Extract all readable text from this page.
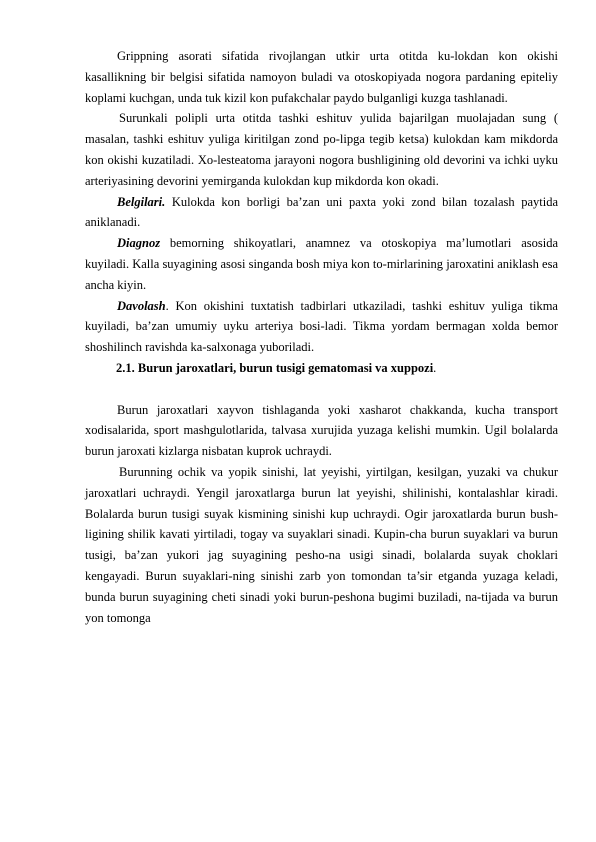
Grippning asorati sifatida rivojlangan utkir urta otitda ku-lokdan kon okishi kasallikning bir belgisi sifatida namoyon buladi va otoskopiyada nogora pardaning epiteliy koplami kuchgan, unda tuk kizil kon pufakchalar paydo bulganligi kuzga tashlanadi.

Surunkali polipli urta otitda tashki eshituv yulida bajarilgan muolajadan sung ( masalan, tashki eshituv yuliga kiritilgan zond po-lipga tegib ketsa) kulokdan kam mikdorda kon okishi kuzatiladi. Xo-lesteatoma jarayoni nogora bushligining old devorini va ichki uyku arteriyasining devorini yemirganda kulokdan kup mikdorda kon okadi.

Belgilari. Kulokda kon borligi ba’zan uni paxta yoki zond bilan tozalash paytida aniklanadi.

Diagnoz bemorning shikoyatlari, anamnez va otoskopiya ma’lumotlari asosida kuyiladi. Kalla suyagining asosi singanda bosh miya kon to-mirlarining jaroxatini aniklash esa ancha kiyin.

Davolash. Kon okishini tuxtatish tadbirlari utkaziladi, tashki eshituv yuliga tikma kuyiladi, ba’zan umumiy uyku arteriya bosi-ladi. Tikma yordam bermagan xolda bemor shoshilinch ravishda ka-salxonaga yuboriladi.

2.1. Burun jaroxatlari, burun tusigi gematomasi va xuppozi.

Burun jaroxatlari xayvon tishlaganda yoki xasharot chakkanda, kucha transport xodisalarida, sport mashgulotlarida, talvasa xurujida yuzaga kelishi mumkin. Ugil bolalarda burun jaroxati kizlarga nisbatan kuprok uchraydi.

Burunning ochik va yopik sinishi, lat yeyishi, yirtilgan, kesilgan, yuzaki va chukur jaroxatlari uchraydi. Yengil jaroxatlarga burun lat yeyishi, shilinishi, kontalashlar kiradi. Bolalarda burun tusigi suyak kismining sinishi kup uchraydi. Ogir jaroxatlarda burun bush-ligining shilik kavati yirtiladi, togay va suyaklari sinadi. Kupin-cha burun suyaklari va burun tusigi, ba’zan yukori jag suyagining pesho-na usigi sinadi, bolalarda suyak choklari kengayadi. Burun suyaklari-ning sinishi zarb yon tomondan ta’sir etganda yuzaga keladi, bunda burun suyagining cheti sinadi yoki burun-peshona bugimi buziladi, na-tijada va burun yon tomonga
